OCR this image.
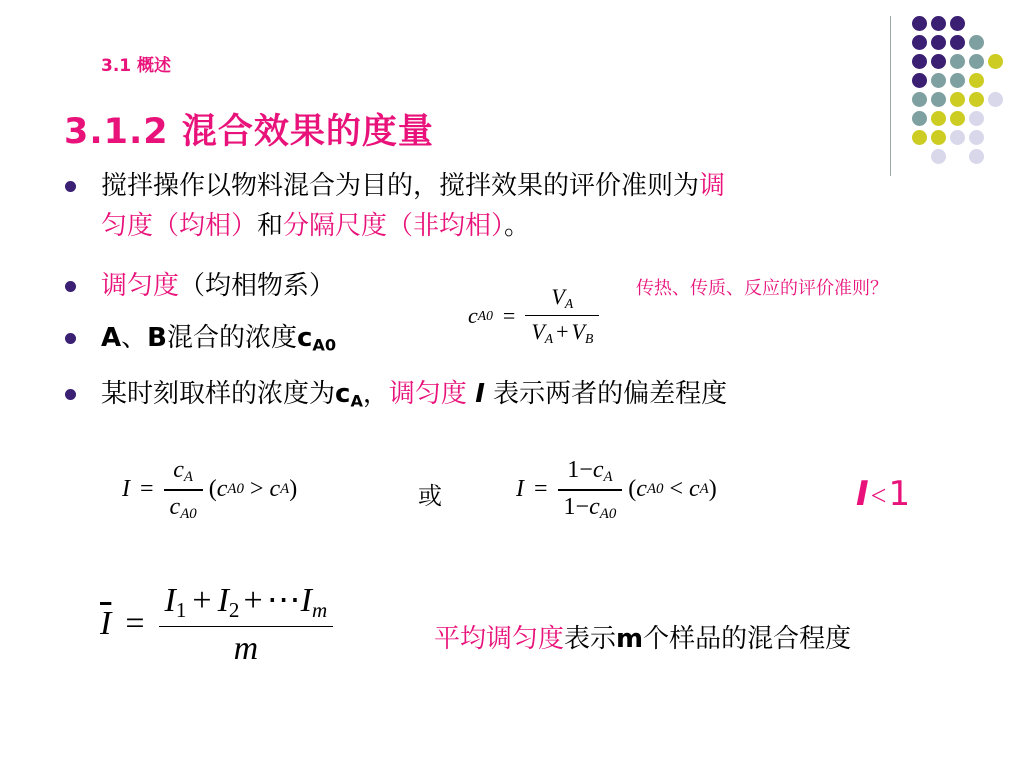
3.1 概述
3.1.2 混合效果的度量
搅拌操作以物料混合为目的，搅拌效果的评价准则为调
匀度（均相）和分隔尺度（非均相）。
调匀度（均相物系）	传热、传质、反应的评价准则？
A、B混合的浓度$c_{A0}$
c $A0 = \frac{V_A}{V_A + V_B}$
某时刻取样的浓度为$c_A$，调匀度 I 表示两者的偏差程度
$I = \frac{c_A}{c_{A0}}$ ( c A0 > c A )	或	$I = \frac{1-c_A}{1-c_{A0}}$ ( c A0 < c A )	I<1
$\overline{I} = \frac{I_1 + I_2 + \cdots I_m}{m}$	平均调匀度表示m个样品的混合程度
